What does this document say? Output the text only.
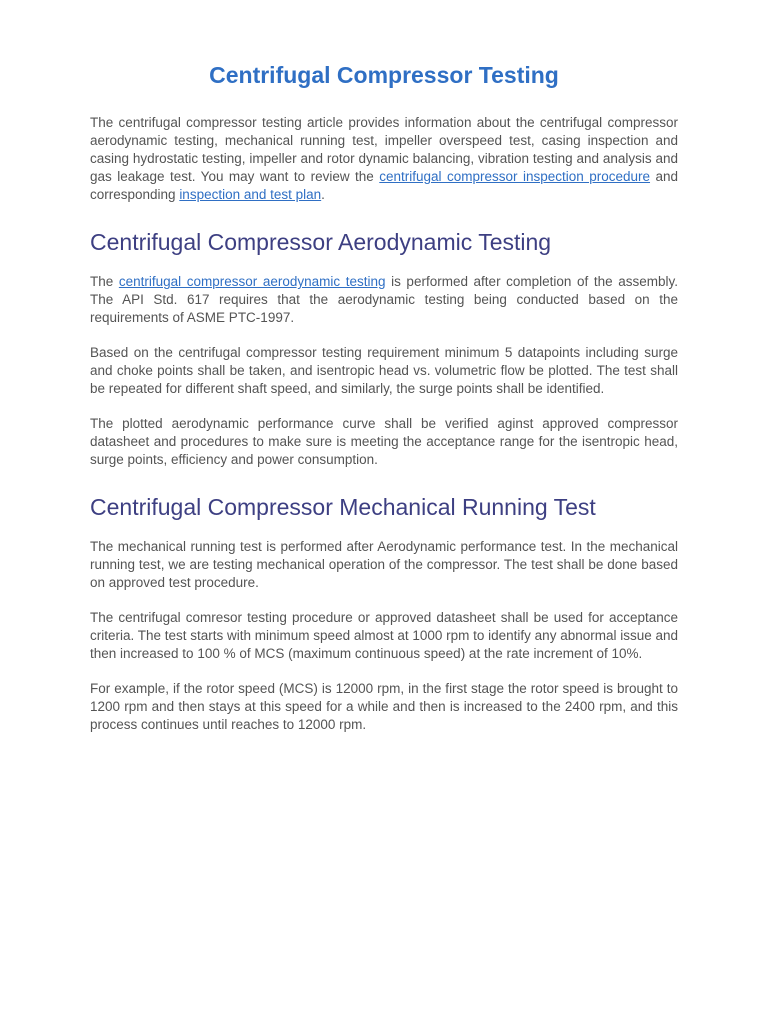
Centrifugal Compressor Testing

The centrifugal compressor testing article provides information about the centrifugal compressor aerodynamic testing, mechanical running test, impeller overspeed test, casing inspection and casing hydrostatic testing, impeller and rotor dynamic balancing, vibration testing and analysis and gas leakage test. You may want to review the centrifugal compressor inspection procedure and corresponding inspection and test plan.

Centrifugal Compressor Aerodynamic Testing

The centrifugal compressor aerodynamic testing is performed after completion of the assembly. The API Std. 617 requires that the aerodynamic testing being conducted based on the requirements of ASME PTC-1997.

Based on the centrifugal compressor testing requirement minimum 5 datapoints including surge and choke points shall be taken, and isentropic head vs. volumetric flow be plotted. The test shall be repeated for different shaft speed, and similarly, the surge points shall be identified.

The plotted aerodynamic performance curve shall be verified aginst approved compressor datasheet and procedures to make sure is meeting the acceptance range for the isentropic head, surge points, efficiency and power consumption.

Centrifugal Compressor Mechanical Running Test

The mechanical running test is performed after Aerodynamic performance test. In the mechanical running test, we are testing mechanical operation of the compressor. The test shall be done based on approved test procedure.

The centrifugal comresor testing procedure or approved datasheet shall be used for acceptance criteria. The test starts with minimum speed almost at 1000 rpm to identify any abnormal issue and then increased to 100 % of MCS (maximum continuous speed) at the rate increment of 10%.

For example, if the rotor speed (MCS) is 12000 rpm, in the first stage the rotor speed is brought to 1200 rpm and then stays at this speed for a while and then is increased to the 2400 rpm, and this process continues until reaches to 12000 rpm.
